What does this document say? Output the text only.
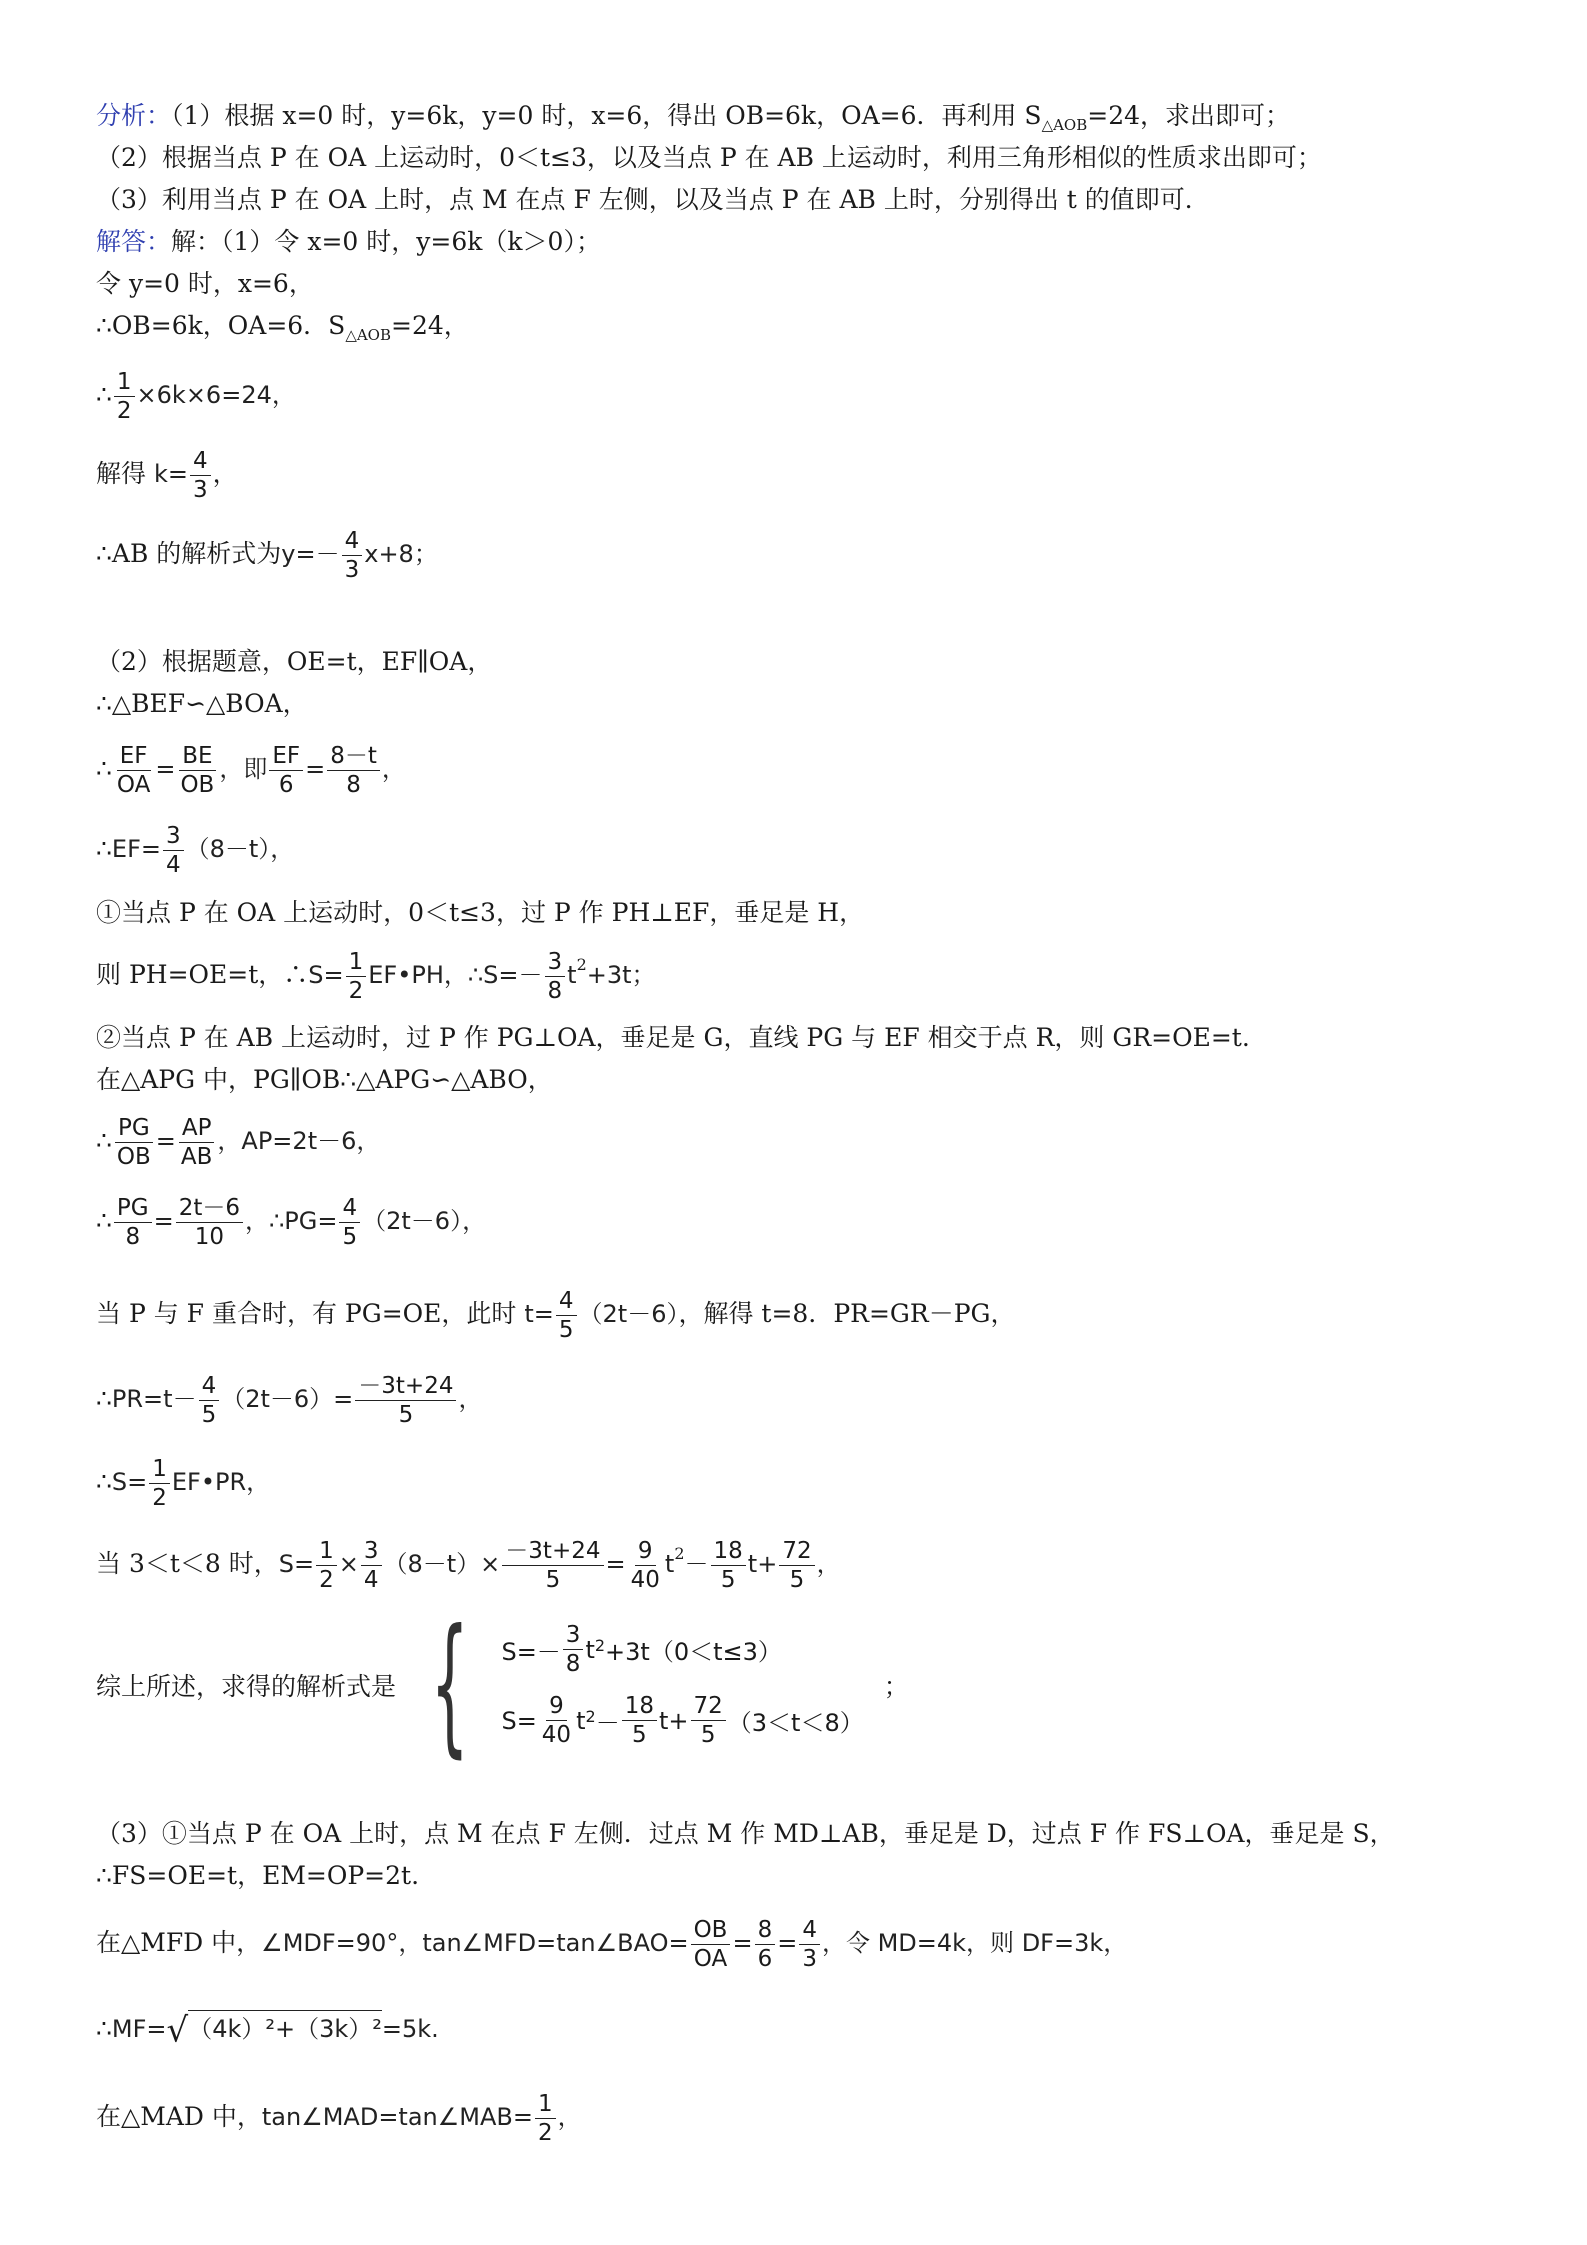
分析：（1）根据 x=0 时，y=6k，y=0 时，x=6，得出 OB=6k，OA=6．再利用 $S_{\triangle AOB}=24$，求出即可；
（2）根据当点 P 在 OA 上运动时，0＜t≤3，以及当点 P 在 AB 上运动时，利用三角形相似的性质求出即可；
（3）利用当点 P 在 OA 上时，点 M 在点 F 左侧，以及当点 P 在 AB 上时，分别得出 t 的值即可．
解答：解：（1）令 x=0 时，y=6k（k＞0）；
令 y=0 时，x=6，
∴OB=6k，OA=6．$S_{\triangle AOB}=24$，
∴ $\frac{1}{2} \times 6k\times 6=24$，
解得 $k= \frac{4}{3}$ ，
∴AB 的解析式为$y=- \frac{4}{3} x+8$；
（2）根据题意，OE=t，EF∥OA，
∴△BEF∽△BOA，
∴ $\frac{EF}{OA} = \frac{BE}{OB}$ ，即 $\frac{EF}{6} = \frac{8-t}{8}$ ，
∴EF= $\frac{3}{4} (8-t)$，
①当点 P 在 OA 上运动时，0＜t≤3，过 P 作 PH⊥EF，垂足是 H，
则 PH=OE=t，∴S= $\frac{1}{2}$ EF•PH，∴S=－ $\frac{3}{8} t^2+3t$；
②当点 P 在 AB 上运动时，过 P 作 PG⊥OA，垂足是 G，直线 PG 与 EF 相交于点 R，则 GR=OE=t.
在△APG 中，PG∥OB∴△APG∽△ABO，
∴ $\frac{PG}{OB} = \frac{AP}{AB}$ ，AP=2t－6，
∴ $\frac{PG}{8} = \frac{2t-6}{10}$ ，∴PG= $\frac{4}{5} (2t-6)$，
当 P 与 F 重合时，有 PG=OE，此时 $t= \frac{4}{5} (2t-6)$，解得 t=8．PR=GR－PG，
∴PR=t－ $\frac{4}{5} (2t-6)= \frac{-3t+24}{5}$ ，
∴S= $\frac{1}{2}$ EF•PR，
当 3＜t＜8 时，$S= \frac{1}{2} \times \frac{3}{4} (8-t)\times \frac{-3t+24}{5} = \frac{9}{40} t^2- \frac{18}{5} t+ \frac{72}{5}$ ，
综上所述，求得的解析式是 { $S=- \frac{3}{8} t^2 +3t(0<t\le 3)$
$S= \frac{9}{40} t^2 - \frac{18}{5} t+ \frac{72}{5} (3<t<8)$
；
（3）①当点 P 在 OA 上时，点 M 在点 F 左侧．过点 M 作 MD⊥AB，垂足是 D，过点 F 作 FS⊥OA，垂足是 S，
∴FS=OE=t，EM=OP=2t.
在△MFD 中，∠MDF=90°，tan∠MFD=tan∠BAO= $\frac{OB}{OA} = \frac{8}{6} = \frac{4}{3}$ ，令 MD=4k，则 DF=3k，
∴MF=√（4k）²+（3k）²=5k.
在△MAD 中，tan∠MAD=tan∠MAB= $\frac{1}{2}$ ，
